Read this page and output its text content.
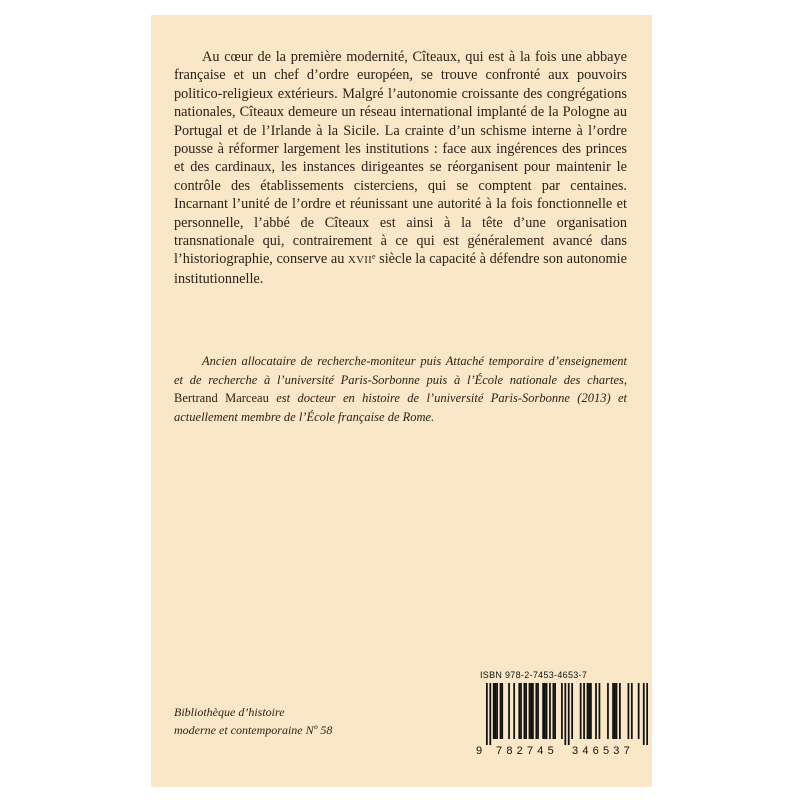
Au cœur de la première modernité, Cîteaux, qui est à la fois une abbaye française et un chef d’ordre européen, se trouve confronté aux pouvoirs politico-religieux extérieurs. Malgré l’autonomie croissante des congrégations nationales, Cîteaux demeure un réseau international implanté de la Pologne au Portugal et de l’Irlande à la Sicile. La crainte d’un schisme interne à l’ordre pousse à réformer largement les institutions : face aux ingérences des princes et des cardinaux, les instances dirigeantes se réorganisent pour maintenir le contrôle des établissements cisterciens, qui se comptent par centaines. Incarnant l’unité de l’ordre et réunissant une autorité à la fois fonctionnelle et personnelle, l’abbé de Cîteaux est ainsi à la tête d’une organisation transnationale qui, contrairement à ce qui est généralement avancé dans l’historiographie, conserve au XVIIe siècle la capacité à défendre son autonomie institutionnelle.

Ancien allocataire de recherche-moniteur puis Attaché temporaire d’enseignement et de recherche à l’université Paris-Sorbonne puis à l’École nationale des chartes, Bertrand Marceau est docteur en histoire de l’université Paris-Sorbonne (2013) et actuellement membre de l’École française de Rome.

Bibliothèque d’histoire
moderne et contemporaine Nº 58
ISBN 978-2-7453-4653-7
9 782745 346537
